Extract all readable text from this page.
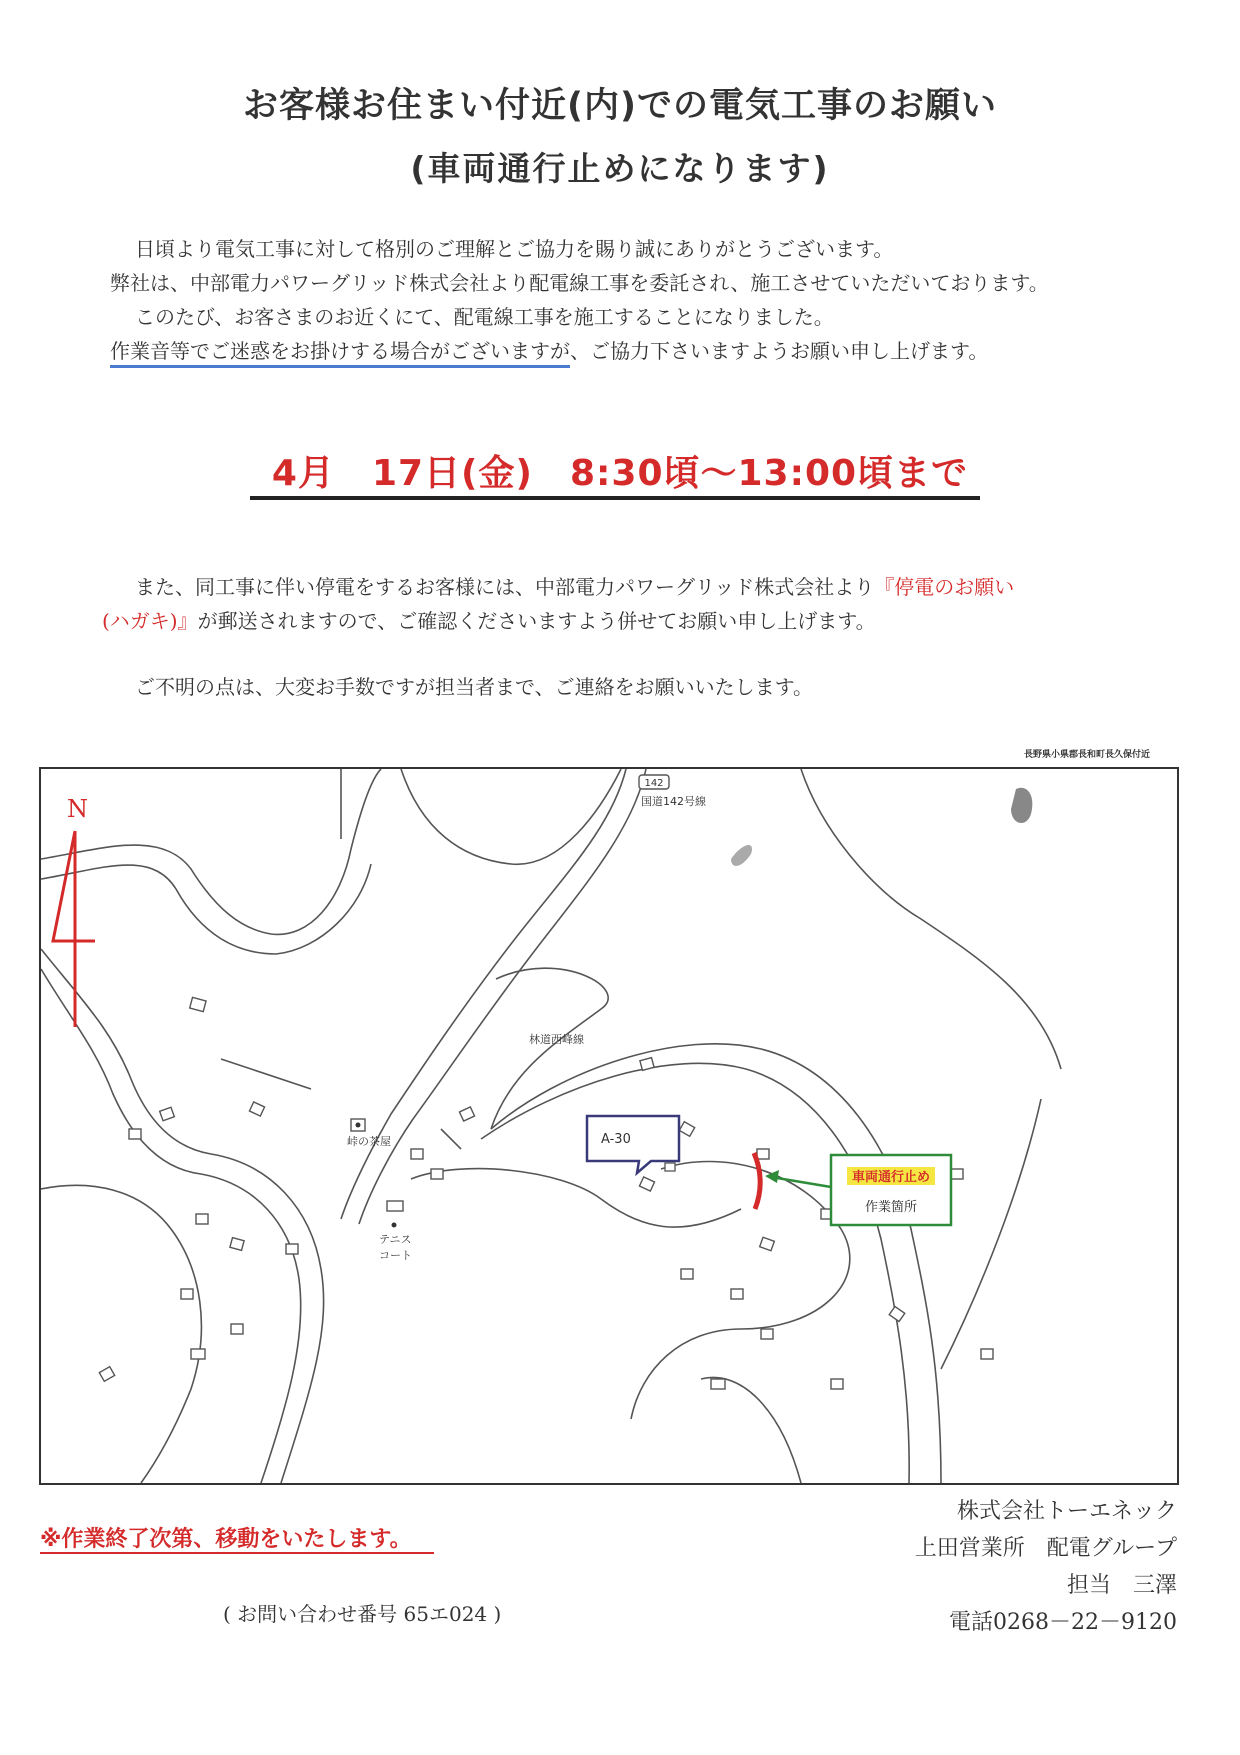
お客様お住まい付近(内)での電気工事のお願い
(車両通行止めになります)
日頃より電気工事に対して格別のご理解とご協力を賜り誠にありがとうございます。
弊社は、中部電力パワーグリッド株式会社より配電線工事を委託され、施工させていただいております。
このたび、お客さまのお近くにて、配電線工事を施工することになりました。
作業音等でご迷惑をお掛けする場合がございますが、ご協力下さいますようお願い申し上げます。
4月　17日(金)　8:30頃～13:00頃まで
また、同工事に伴い停電をするお客様には、中部電力パワーグリッド株式会社より『停電のお願い
(ハガキ)』が郵送されますので、ご確認くださいますよう併せてお願い申し上げます。
ご不明の点は、大変お手数ですが担当者まで、ご連絡をお願いいたします。
長野県小県郡長和町長久保付近
N
142
国道142号線
林道西峰線
峠の茶屋
テニス
コート
A-30
車両通行止め
作業箇所
※作業終了次第、移動をいたします。
( お問い合わせ番号 65エ024 )
株式会社トーエネック
上田営業所　配電グループ
担当　三澤
電話0268－22－9120
